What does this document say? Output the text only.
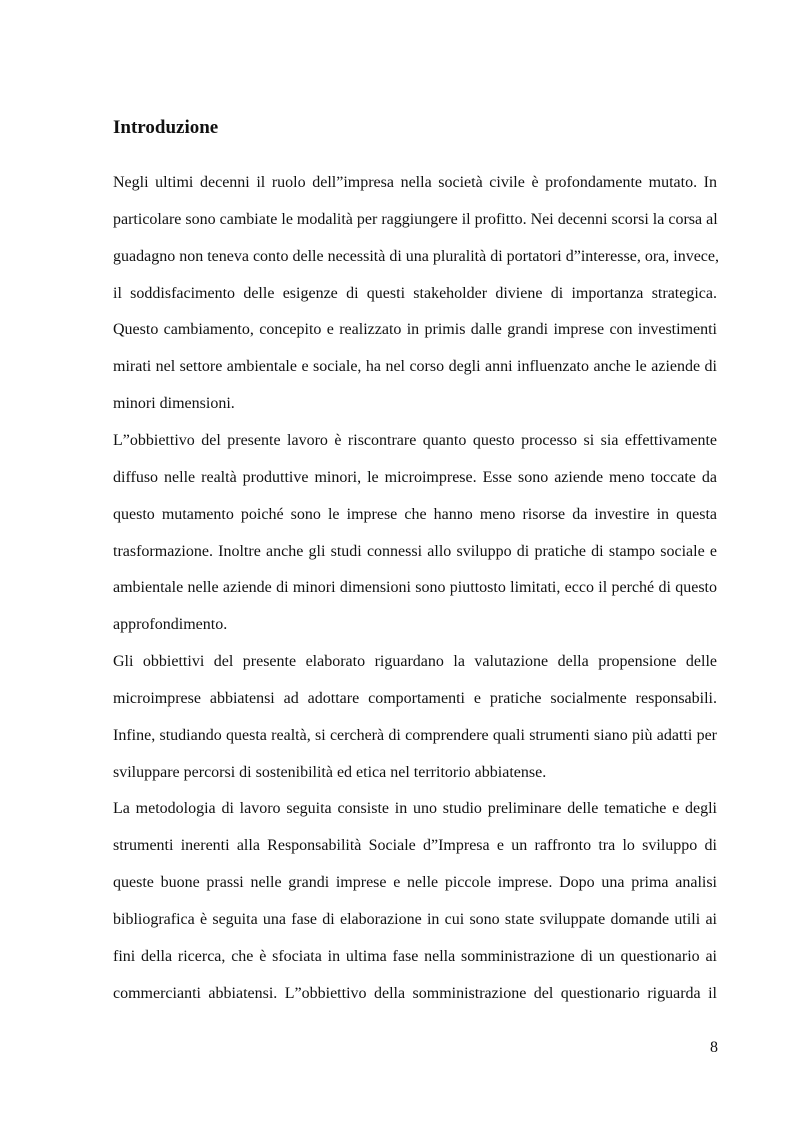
Introduzione
Negli ultimi decenni il ruolo dell”impresa nella società civile è profondamente mutato. In
particolare sono cambiate le modalità per raggiungere il profitto. Nei decenni scorsi la corsa al
guadagno non teneva conto delle necessità di una pluralità di portatori d”interesse, ora, invece,
il soddisfacimento delle esigenze di questi stakeholder diviene di importanza strategica.
Questo cambiamento, concepito e realizzato in primis dalle grandi imprese con investimenti
mirati nel settore ambientale e sociale, ha nel corso degli anni influenzato anche le aziende di
minori dimensioni.
L”obbiettivo del presente lavoro è riscontrare quanto questo processo si sia effettivamente
diffuso nelle realtà produttive minori, le microimprese. Esse sono aziende meno toccate da
questo mutamento poiché sono le imprese che hanno meno risorse da investire in questa
trasformazione. Inoltre anche gli studi connessi allo sviluppo di pratiche di stampo sociale e
ambientale nelle aziende di minori dimensioni sono piuttosto limitati, ecco il perché di questo
approfondimento.
Gli obbiettivi del presente elaborato riguardano la valutazione della propensione delle
microimprese abbiatensi ad adottare comportamenti e pratiche socialmente responsabili.
Infine, studiando questa realtà, si cercherà di comprendere quali strumenti siano più adatti per
sviluppare percorsi di sostenibilità ed etica nel territorio abbiatense.
La metodologia di lavoro seguita consiste in uno studio preliminare delle tematiche e degli
strumenti inerenti alla Responsabilità Sociale d”Impresa e un raffronto tra lo sviluppo di
queste buone prassi nelle grandi imprese e nelle piccole imprese. Dopo una prima analisi
bibliografica è seguita una fase di elaborazione in cui sono state sviluppate domande utili ai
fini della ricerca, che è sfociata in ultima fase nella somministrazione di un questionario ai
commercianti abbiatensi. L”obbiettivo della somministrazione del questionario riguarda il
8
